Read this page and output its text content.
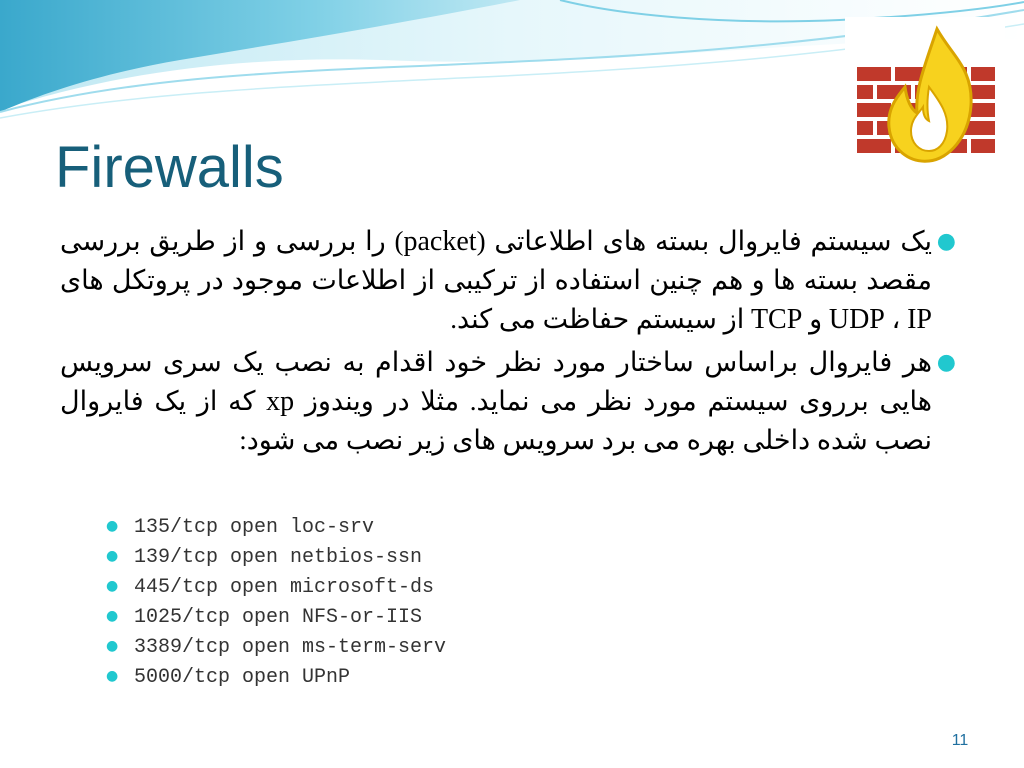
Firewalls
●
یک سیستم فایروال بسته های اطلاعاتی (packet) را بررسی و از طریق بررسی مقصد بسته ها و هم چنین استفاده از ترکیبی از اطلاعات موجود در پروتکل های UDP ، IP و TCP از سیستم حفاظت می کند.
●
هر فایروال براساس ساختار مورد نظر خود اقدام به نصب یک سری سرویس هایی برروی سیستم مورد نظر می نماید. مثلا در ویندوز xp که از یک فایروال نصب شده داخلی بهره می برد سرویس های زیر نصب می شود:
● 135/tcp open loc-srv
● 139/tcp open netbios-ssn
● 445/tcp open microsoft-ds
● 1025/tcp open NFS-or-IIS
● 3389/tcp open ms-term-serv
● 5000/tcp open UPnP
11
